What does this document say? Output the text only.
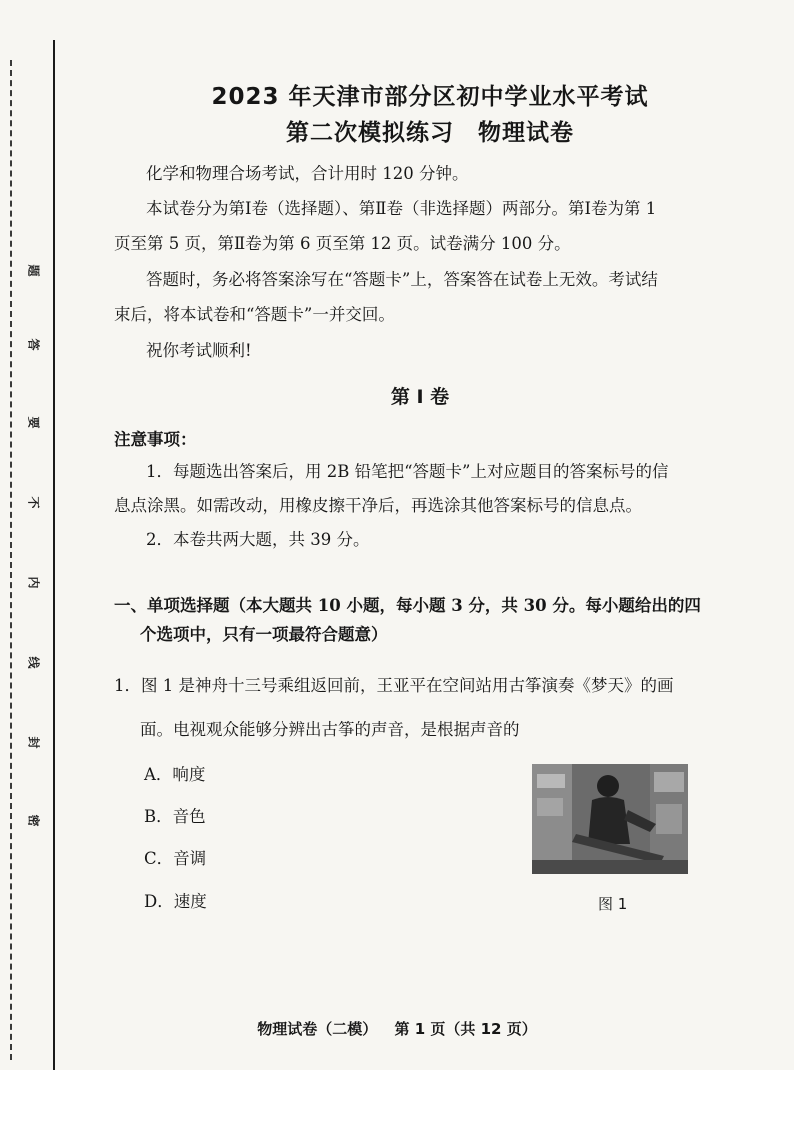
题
答
要
不
内
线
封
密
2023 年天津市部分区初中学业水平考试
第二次模拟练习 物理试卷
化学和物理合场考试，合计用时 120 分钟。
本试卷分为第Ⅰ卷（选择题）、第Ⅱ卷（非选择题）两部分。第Ⅰ卷为第 1
页至第 5 页，第Ⅱ卷为第 6 页至第 12 页。试卷满分 100 分。
答题时，务必将答案涂写在“答题卡”上，答案答在试卷上无效。考试结
束后，将本试卷和“答题卡”一并交回。
祝你考试顺利!
第 Ⅰ 卷
注意事项：
1．每题选出答案后，用 2B 铅笔把“答题卡”上对应题目的答案标号的信
息点涂黑。如需改动，用橡皮擦干净后，再选涂其他答案标号的信息点。
2．本卷共两大题，共 39 分。
一、单项选择题（本大题共 10 小题，每小题 3 分，共 30 分。每小题给出的四
个选项中，只有一项最符合题意）
1．图 1 是神舟十三号乘组返回前，王亚平在空间站用古筝演奏《梦天》的画
面。电视观众能够分辨出古筝的声音，是根据声音的
A．响度
B．音色
C．音调
D．速度	图 1
物理试卷（二模） 第 1 页（共 12 页）
